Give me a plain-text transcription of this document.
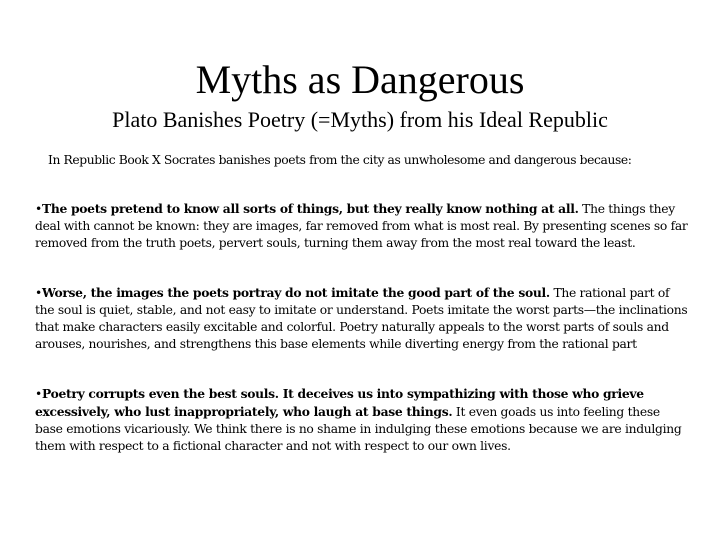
Myths as Dangerous
Plato Banishes Poetry (=Myths) from his Ideal Republic
In Republic Book X Socrates banishes poets from the city as unwholesome and dangerous because:

•The poets pretend to know all sorts of things, but they really know nothing at all. The things they deal with cannot be known: they are images, far removed from what is most real. By presenting scenes so far removed from the truth poets, pervert souls, turning them away from the most real toward the least.

•Worse, the images the poets portray do not imitate the good part of the soul. The rational part of the soul is quiet, stable, and not easy to imitate or understand. Poets imitate the worst parts—the inclinations that make characters easily excitable and colorful. Poetry naturally appeals to the worst parts of souls and arouses, nourishes, and strengthens this base elements while diverting energy from the rational part

•Poetry corrupts even the best souls. It deceives us into sympathizing with those who grieve excessively, who lust inappropriately, who laugh at base things. It even goads us into feeling these base emotions vicariously. We think there is no shame in indulging these emotions because we are indulging them with respect to a fictional character and not with respect to our own lives.
